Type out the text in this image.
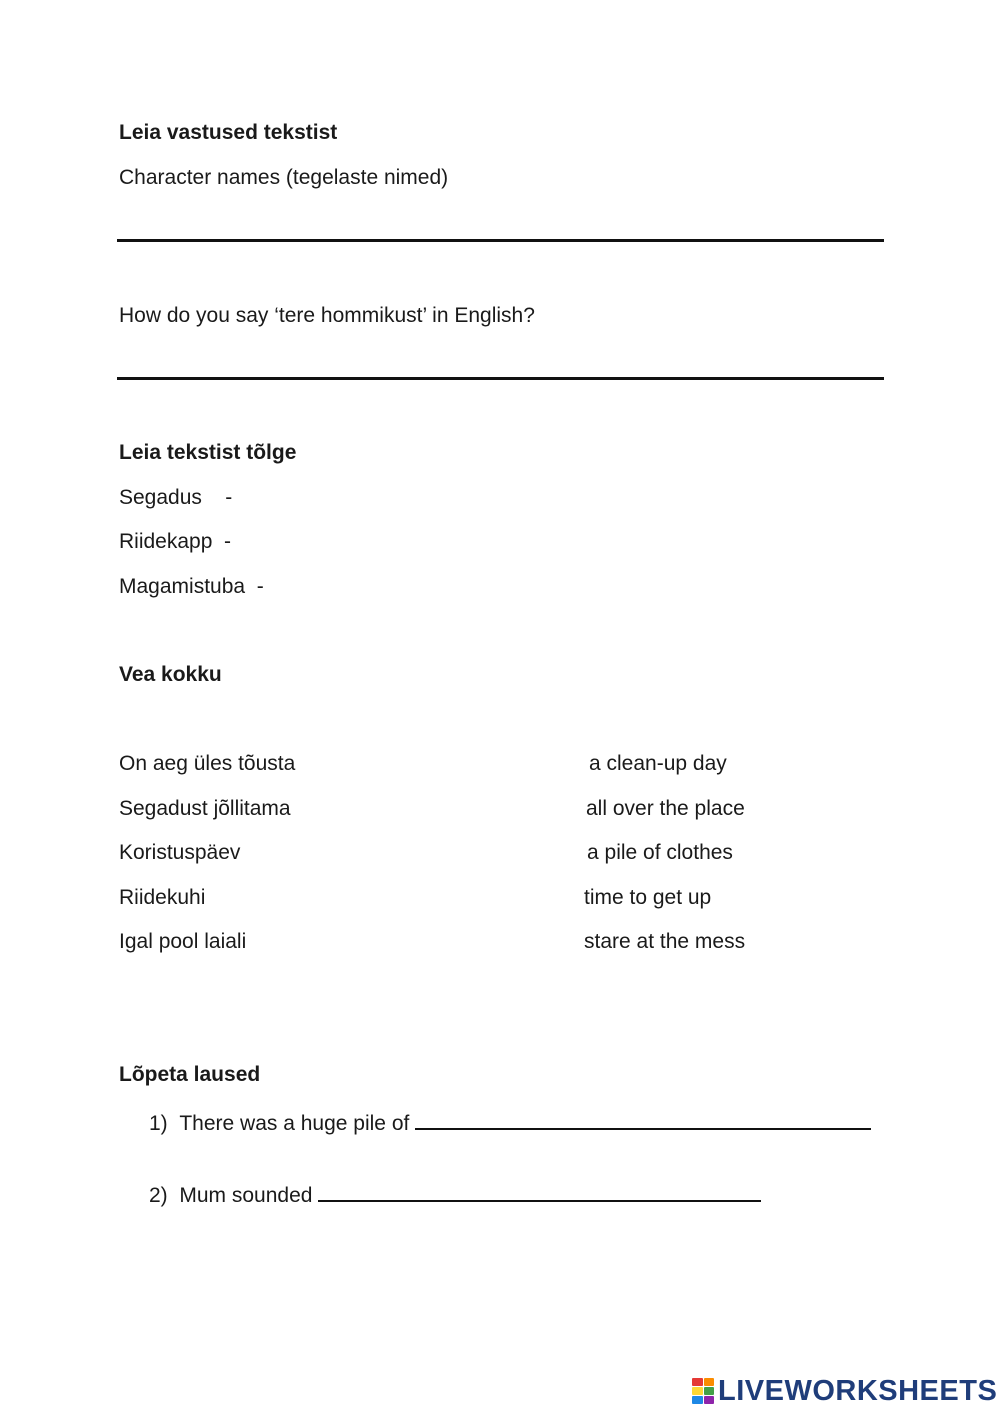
Leia vastused tekstist
Character names (tegelaste nimed)
How do you say ‘tere hommikust’ in English?
Leia tekstist tõlge
Segadus    -
Riidekapp  -
Magamistuba  -
Vea kokku
On aeg üles tõusta
Segadust jõllitama
Koristuspäev
Riidekuhi
Igal pool laiali
a clean-up day
all over the place
a pile of clothes
time to get up
stare at the mess
Lõpeta laused
1) There was a huge pile of
2) Mum sounded
LIVEWORKSHEETS
